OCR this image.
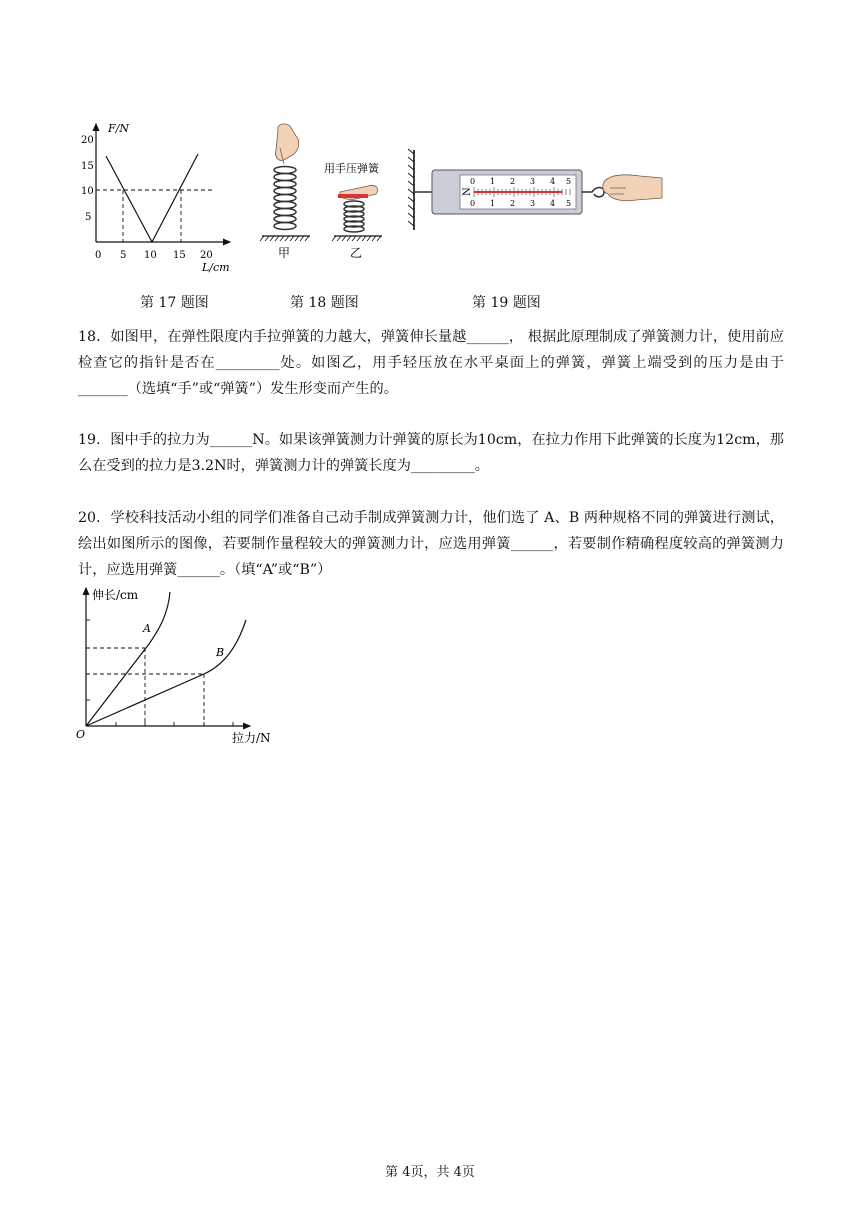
F/N
20
15
10
5
0 5 10 15 20
L/cm
甲
用手压弹簧
乙
N
0 1 2 3 4 5
0 1 2 3 4 5
第 17 题图	第 18 题图	第 19 题图
18．如图甲，在弹性限度内手拉弹簧的力越大，弹簧伸长量越______， 根据此原理制成了弹簧测力计，使用前应检查它的指针是否在_________处。如图乙，用手轻压放在水平桌面上的弹簧，弹簧上端受到的压力是由于_______（选填“手”或“弹簧”）发生形变而产生的。
19．图中手的拉力为______N。如果该弹簧测力计弹簧的原长为10cm，在拉力作用下此弹簧的长度为12cm，那么在受到的拉力是3.2N时，弹簧测力计的弹簧长度为_________。
20．学校科技活动小组的同学们准备自己动手制成弹簧测力计，他们选了 A、B 两种规格不同的弹簧进行测试，绘出如图所示的图像，若要制作量程较大的弹簧测力计，应选用弹簧______，若要制作精确程度较高的弹簧测力计，应选用弹簧______。（填“A”或“B”）
伸长/cm
拉力/N
O
A
B
第 4页，共 4页
